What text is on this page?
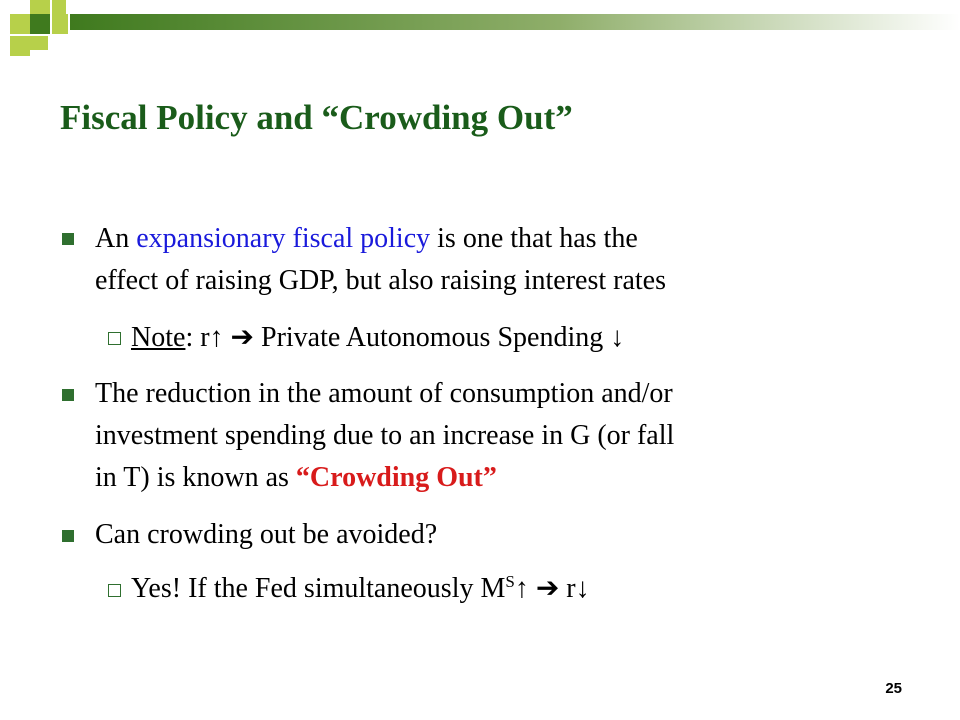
Fiscal Policy and “Crowding Out”
An expansionary fiscal policy is one that has the
effect of raising GDP, but also raising interest rates
Note: r↑ ➔ Private Autonomous Spending ↓
The reduction in the amount of consumption and/or
investment spending due to an increase in G (or fall
in T) is known as “Crowding Out”
Can crowding out be avoided?
Yes! If the Fed simultaneously $M^S↑$ ➔ r↓
25
